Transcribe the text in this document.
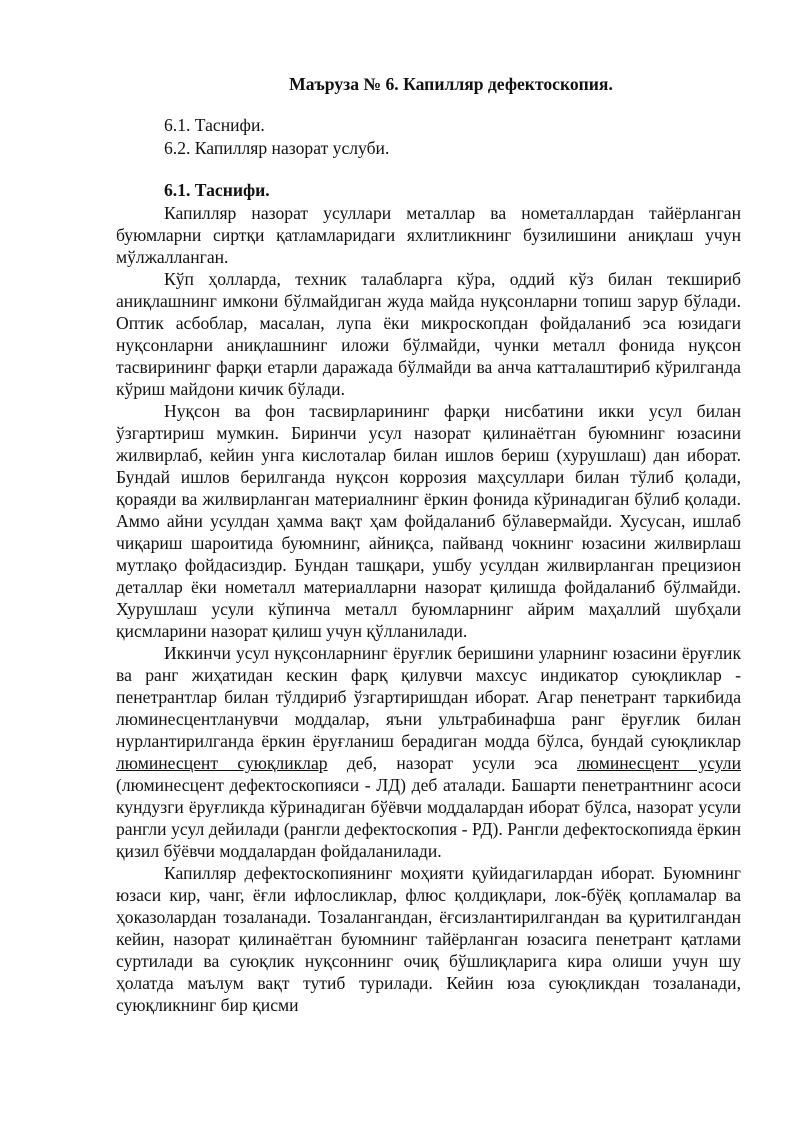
Маъруза № 6. Капилляр дефектоскопия.
6.1. Таснифи.
6.2. Капилляр назорат услуби.
6.1. Таснифи.

Капилляр назорат усуллари металлар ва нометаллардан тайёрланган буюмларни сиртқи қатламларидаги яхлитликнинг бузилишини аниқлаш учун мўлжалланган.

Кўп ҳолларда, техник талабларга кўра, оддий кўз билан текшириб аниқлашнинг имкони бўлмайдиган жуда майда нуқсонларни топиш зарур бўлади. Оптик асбоблар, масалан, лупа ёки микроскопдан фойдаланиб эса юзидаги нуқсонларни аниқлашнинг иложи бўлмайди, чунки металл фонида нуқсон тасвирининг фарқи етарли даражада бўлмайди ва анча катталаштириб кўрилганда кўриш майдони кичик бўлади.

Нуқсон ва фон тасвирларининг фарқи нисбатини икки усул билан ўзгартириш мумкин. Биринчи усул назорат қилинаётган буюмнинг юзасини жилвирлаб, кейин унга кислоталар билан ишлов бериш (хурушлаш) дан иборат. Бундай ишлов берилганда нуқсон коррозия маҳсуллари билан тўлиб қолади, қораяди ва жилвирланган материалнинг ёркин фонида кўринадиган бўлиб қолади. Аммо айни усулдан ҳамма вақт ҳам фойдаланиб бўлавермайди. Хусусан, ишлаб чиқариш шароитида буюмнинг, айниқса, пайванд чокнинг юзасини жилвирлаш мутлақо фойдасиздир. Бундан ташқари, ушбу усулдан жилвирланган прецизион деталлар ёки нометалл материалларни назорат қилишда фойдаланиб бўлмайди. Хурушлаш усули кўпинча металл буюмларнинг айрим маҳаллий шубҳали қисмларини назорат қилиш учун қўлланилади.

Иккинчи усул нуқсонларнинг ёруғлик беришини уларнинг юзасини ёруғлик ва ранг жиҳатидан кескин фарқ қилувчи махсус индикатор суюқликлар - пенетрантлар билан тўлдириб ўзгартиришдан иборат. Агар пенетрант таркибида люминесцентланувчи моддалар, яъни ультрабинафша ранг ёруғлик билан нурлантирилганда ёркин ёруғланиш берадиган модда бўлса, бундай суюқликлар люминесцент суюқликлар деб, назорат усули эса люминесцент усули (люминесцент дефектоскопияси - ЛД) деб аталади. Башарти пенетрантнинг асоси кундузги ёруғликда кўринадиган бўёвчи моддалардан иборат бўлса, назорат усули рангли усул дейилади (рангли дефектоскопия - РД). Рангли дефектоскопияда ёркин қизил бўёвчи моддалардан фойдаланилади.

Капилляр дефектоскопиянинг моҳияти қуйидагилардан иборат. Буюмнинг юзаси кир, чанг, ёғли ифлосликлар, флюс қолдиқлари, лок-бўёқ қопламалар ва ҳоказолардан тозаланади. Тозалангандан, ёғсизлантирилгандан ва қуритилгандан кейин, назорат қилинаётган буюмнинг тайёрланган юзасига пенетрант қатлами суртилади ва суюқлик нуқсоннинг очиқ бўшлиқларига кира олиши учун шу ҳолатда маълум вақт тутиб турилади. Кейин юза суюқликдан тозаланади, суюқликнинг бир қисми
